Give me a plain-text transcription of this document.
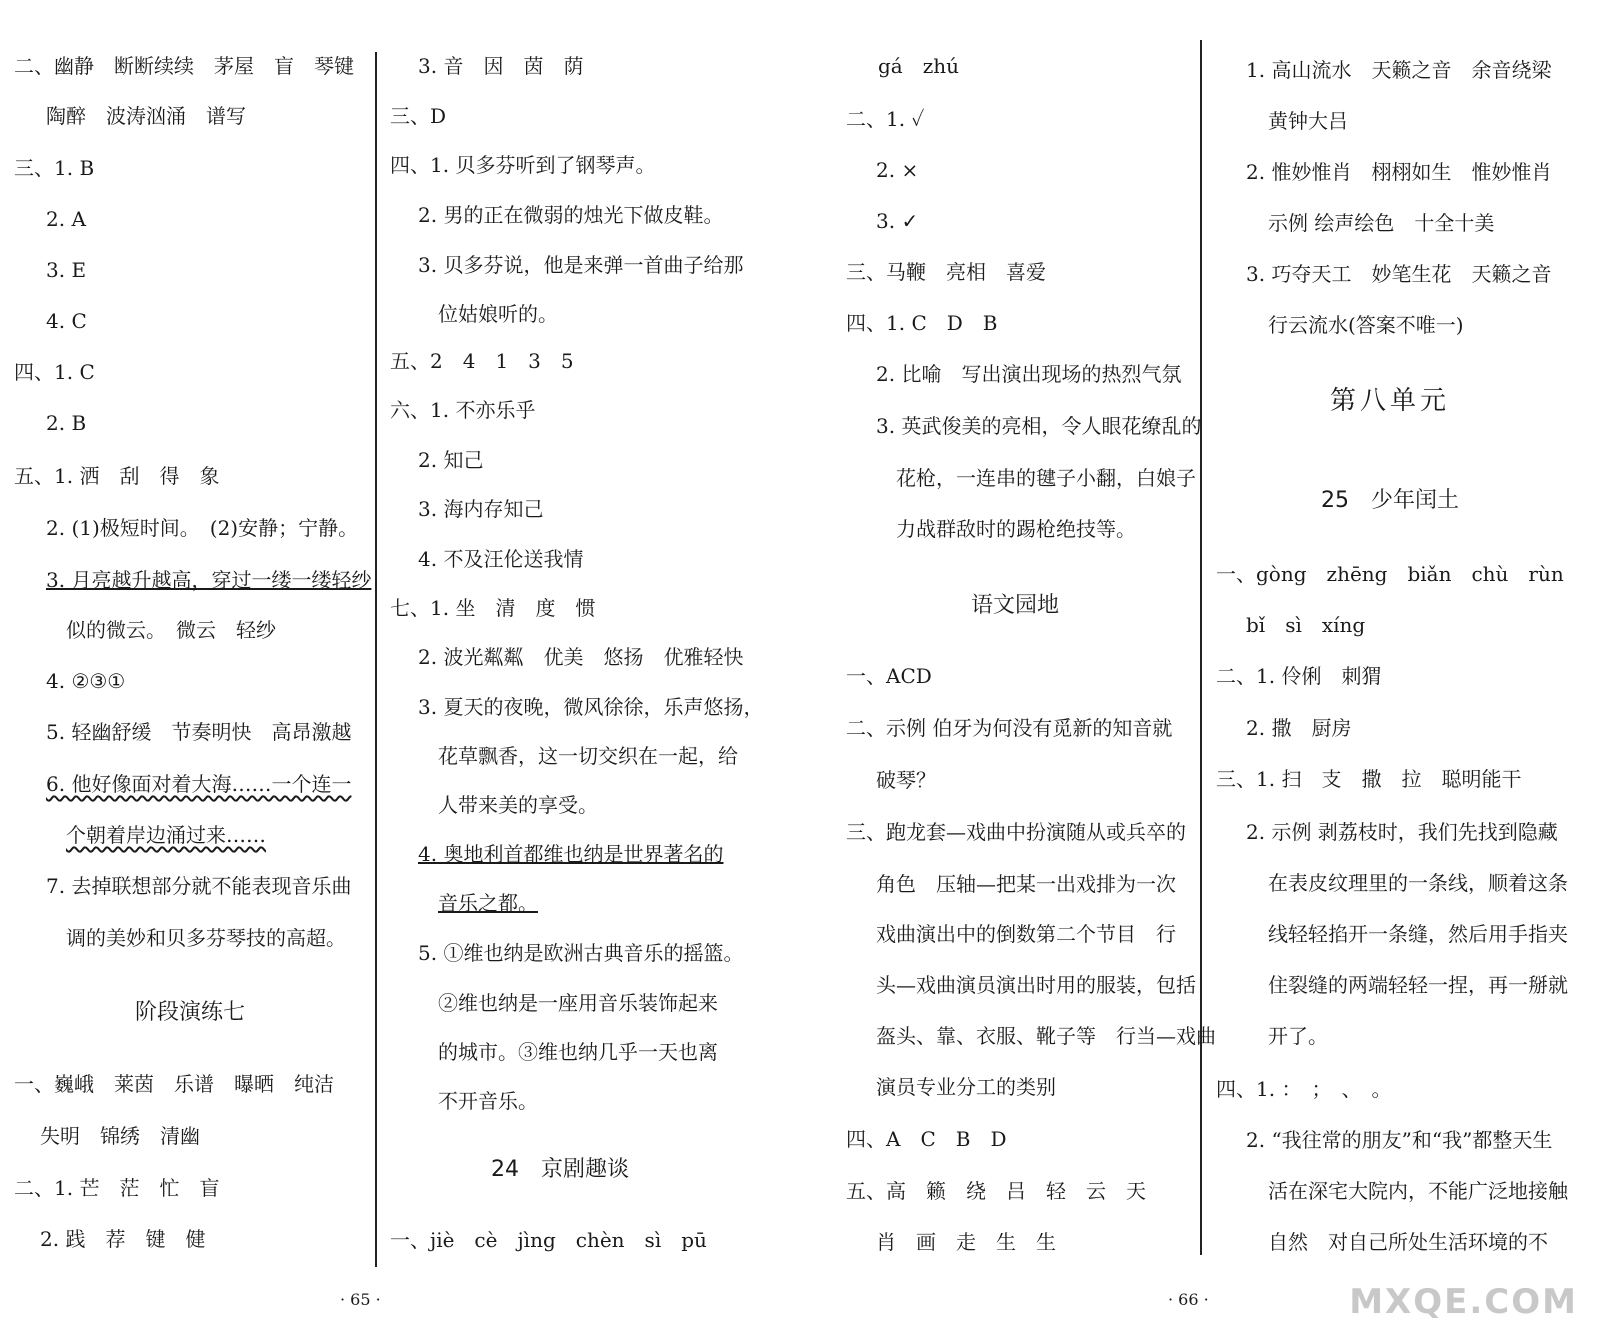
二、幽静　断断续续　茅屋　盲　琴键
陶醉　波涛汹涌　谱写
三、1. B
2. A
3. E
4. C
四、1. C
2. B
五、1. 洒　刮　得　象
2. (1)极短时间。　(2)安静；宁静。
3. 月亮越升越高，穿过一缕一缕轻纱
似的微云。　微云　轻纱
4. ②③①
5. 轻幽舒缓　节奏明快　高昂激越
6. 他好像面对着大海……一个连一
个朝着岸边涌过来……
7. 去掉联想部分就不能表现音乐曲
调的美妙和贝多芬琴技的高超。
阶段演练七
一、巍峨　莱茵　乐谱　曝晒　纯洁
失明　锦绣　清幽
二、1. 芒　茫　忙　盲
2. 践　荐　键　健
3. 音　因　茵　荫
三、D
四、1. 贝多芬听到了钢琴声。
2. 男的正在微弱的烛光下做皮鞋。
3. 贝多芬说，他是来弹一首曲子给那
位姑娘听的。
五、2　4　1　3　5
六、1. 不亦乐乎
2. 知己
3. 海内存知己
4. 不及汪伦送我情
七、1. 坐　清　度　惯
2. 波光粼粼　优美　悠扬　优雅轻快
3. 夏天的夜晚，微风徐徐，乐声悠扬，
花草飘香，这一切交织在一起，给
人带来美的享受。
4. 奥地利首都维也纳是世界著名的
音乐之都。
5. ①维也纳是欧洲古典音乐的摇篮。
②维也纳是一座用音乐装饰起来
的城市。③维也纳几乎一天也离
不开音乐。
24　京剧趣谈
一、jiè　cè　jìng　chèn　sì　pū
gá　zhú
二、1. ✓
2. ×
3. ✓
三、马鞭　亮相　喜爱
四、1. C　D　B
2. 比喻　写出演出现场的热烈气氛
3. 英武俊美的亮相，令人眼花缭乱的
花枪，一连串的毽子小翻，白娘子
力战群敌时的踢枪绝技等。
语文园地
一、ACD
二、示例 伯牙为何没有觅新的知音就
破琴？
三、跑龙套—戏曲中扮演随从或兵卒的
角色　压轴—把某一出戏排为一次
戏曲演出中的倒数第二个节目　行
头—戏曲演员演出时用的服装，包括
盔头、靠、衣服、靴子等　行当—戏曲
演员专业分工的类别
四、A　C　B　D
五、高　籁　绕　吕　轻　云　天
肖　画　走　生　生
1. 高山流水　天籁之音　余音绕梁
黄钟大吕
2. 惟妙惟肖　栩栩如生　惟妙惟肖
示例 绘声绘色　十全十美
3. 巧夺天工　妙笔生花　天籁之音
行云流水(答案不唯一)
第八单元
25　少年闰土
一、gòng　zhēng　biǎn　chù　rùn
bǐ　sì　xíng
二、1. 伶俐　刺猬
2. 撒　厨房
三、1. 扫　支　撒　拉　聪明能干
2. 示例 剥荔枝时，我们先找到隐藏
在表皮纹理里的一条线，顺着这条
线轻轻掐开一条缝，然后用手指夹
住裂缝的两端轻轻一捏，再一掰就
开了。
四、1. ：　；　、　。
2. “我往常的朋友”和“我”都整天生
活在深宅大院内，不能广泛地接触
自然　对自己所处生活环境的不
· 65 ·	· 66 ·	MXQE.COM
